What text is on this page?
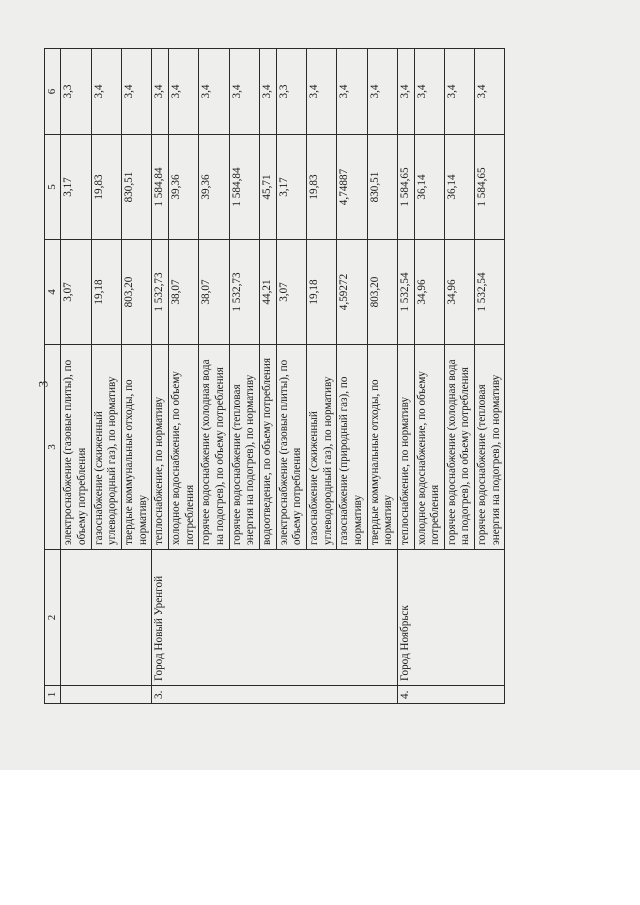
3
1	2	3	4	5	6
		электроснабжение (газовые плиты), по объему потребления	3,07	3,17	3,3
		газоснабжение (сжиженный углеводородный газ), по нормативу	19,18	19,83	3,4
		твердые коммунальные отходы, по нормативу	803,20	830,51	3,4
3.	Город Новый Уренгой	теплоснабжение, по нормативу	1 532,73	1 584,84	3,4
		холодное водоснабжение, по объему потребления	38,07	39,36	3,4
		горячее водоснабжение (холодная вода на подогрев), по объему потребления	38,07	39,36	3,4
		горячее водоснабжение (тепловая энергия на подогрев), по нормативу	1 532,73	1 584,84	3,4
		водоотведение, по объему потребления	44,21	45,71	3,4
		электроснабжение (газовые плиты), по объему потребления	3,07	3,17	3,3
		газоснабжение (сжиженный углеводородный газ), по нормативу	19,18	19,83	3,4
		газоснабжение (природный газ), по нормативу	4,59272	4,74887	3,4
		твердые коммунальные отходы, по нормативу	803,20	830,51	3,4
4.	Город Ноябрьск	теплоснабжение, по нормативу	1 532,54	1 584,65	3,4
		холодное водоснабжение, по объему потребления	34,96	36,14	3,4
		горячее водоснабжение (холодная вода на подогрев), по объему потребления	34,96	36,14	3,4
		горячее водоснабжение (тепловая энергия на подогрев), по нормативу	1 532,54	1 584,65	3,4
